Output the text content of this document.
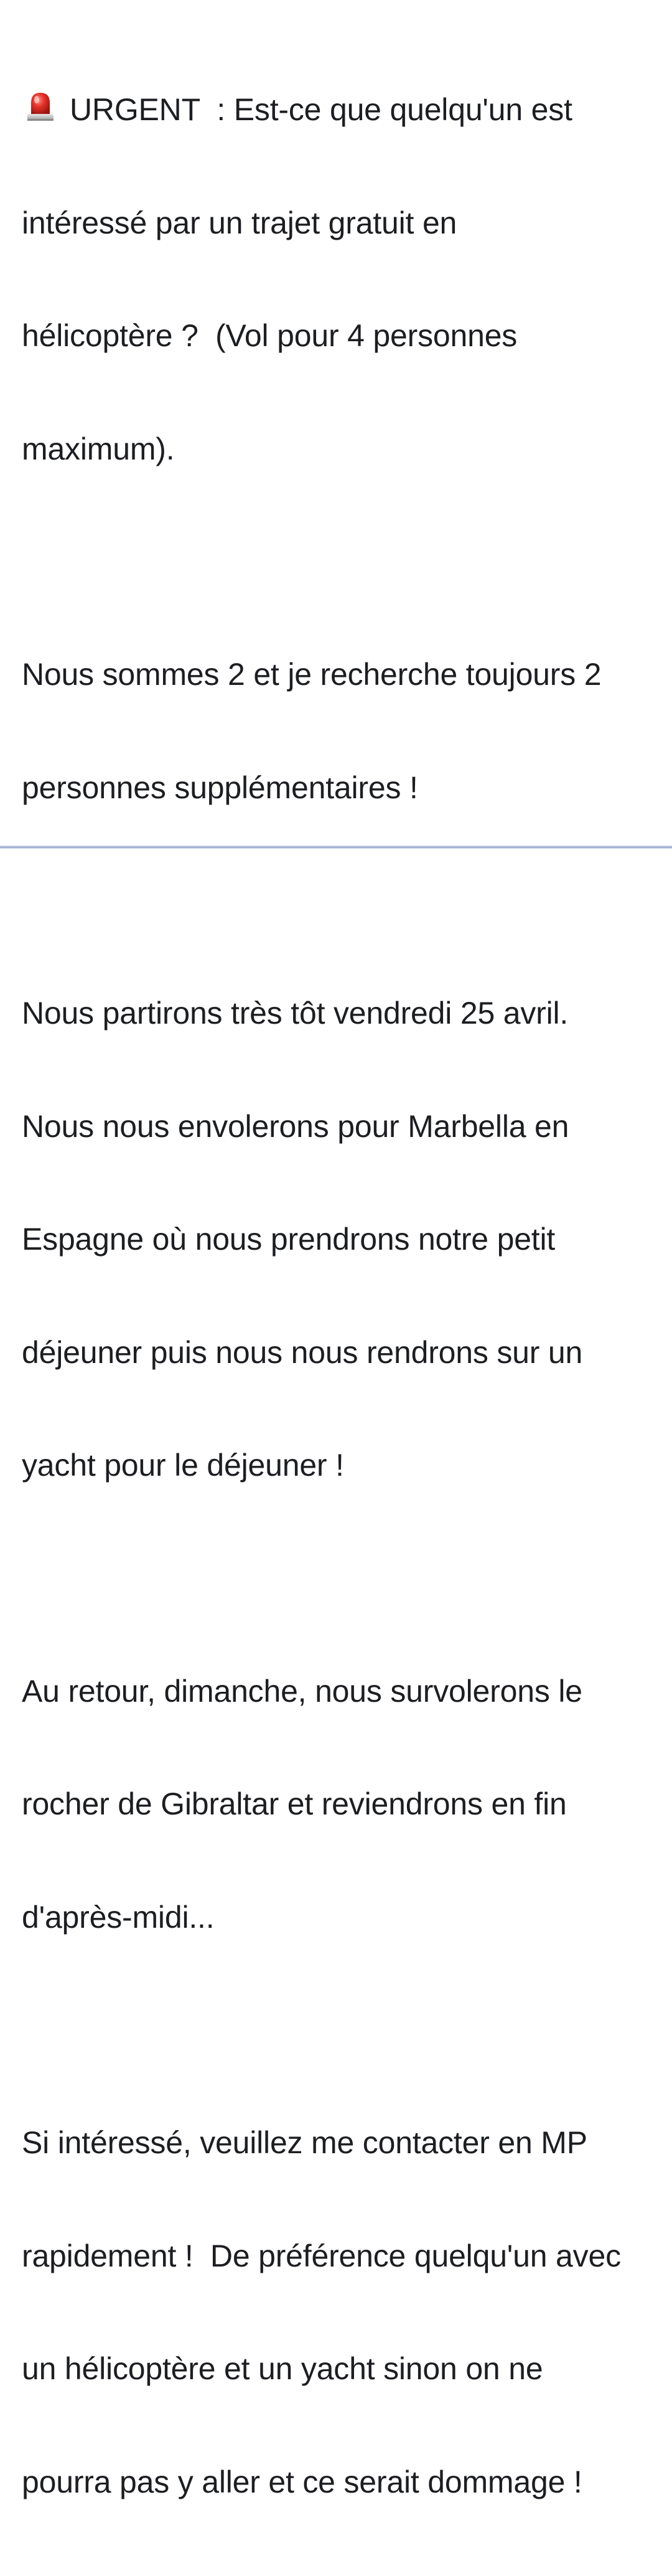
URGENT  : Est-ce que quelqu'un est

intéressé par un trajet gratuit en

hélicoptère ?  (Vol pour 4 personnes

maximum).

Nous sommes 2 et je recherche toujours 2

personnes supplémentaires !

Nous partirons très tôt vendredi 25 avril.

Nous nous envolerons pour Marbella en

Espagne où nous prendrons notre petit

déjeuner puis nous nous rendrons sur un

yacht pour le déjeuner !

Au retour, dimanche, nous survolerons le

rocher de Gibraltar et reviendrons en fin

d'après-midi...

Si intéressé, veuillez me contacter en MP

rapidement !  De préférence quelqu'un avec

un hélicoptère et un yacht sinon on ne

pourra pas y aller et ce serait dommage !
